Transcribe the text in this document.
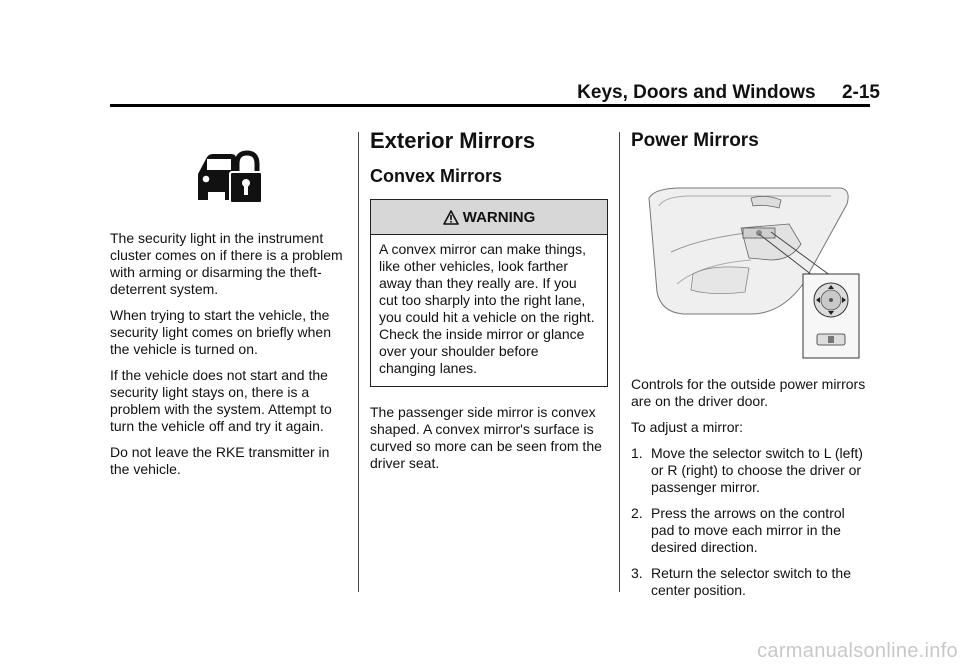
Keys, Doors and Windows     2-15

The security light in the instrument cluster comes on if there is a problem with arming or disarming the theft-deterrent system.

When trying to start the vehicle, the security light comes on briefly when the vehicle is turned on.

If the vehicle does not start and the security light stays on, there is a problem with the system. Attempt to turn the vehicle off and try it again.

Do not leave the RKE transmitter in the vehicle.

Exterior Mirrors
Convex Mirrors
WARNING
A convex mirror can make things, like other vehicles, look farther away than they really are. If you cut too sharply into the right lane, you could hit a vehicle on the right. Check the inside mirror or glance over your shoulder before changing lanes.

The passenger side mirror is convex shaped. A convex mirror's surface is curved so more can be seen from the driver seat.

Power Mirrors

Controls for the outside power mirrors are on the driver door.

To adjust a mirror:

1. Move the selector switch to L (left) or R (right) to choose the driver or passenger mirror.
2. Press the arrows on the control pad to move each mirror in the desired direction.
3. Return the selector switch to the center position.
carmanualsonline.info
